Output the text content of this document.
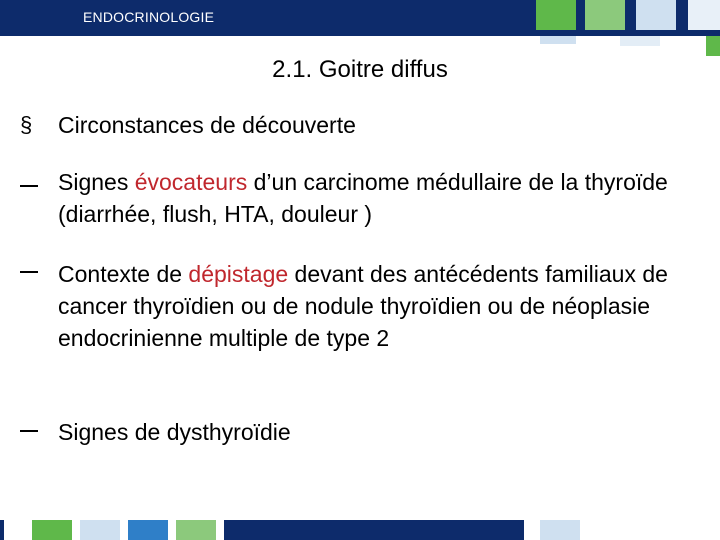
ENDOCRINOLOGIE
2.1. Goitre diffus
§ Circonstances de découverte
Signes évocateurs d’un carcinome médullaire de la thyroïde (diarrhée, flush, HTA, douleur )
Contexte de dépistage devant des antécédents familiaux de cancer thyroïdien ou de nodule thyroïdien ou de néoplasie endocrinienne multiple de type 2
Signes de dysthyroïdie
